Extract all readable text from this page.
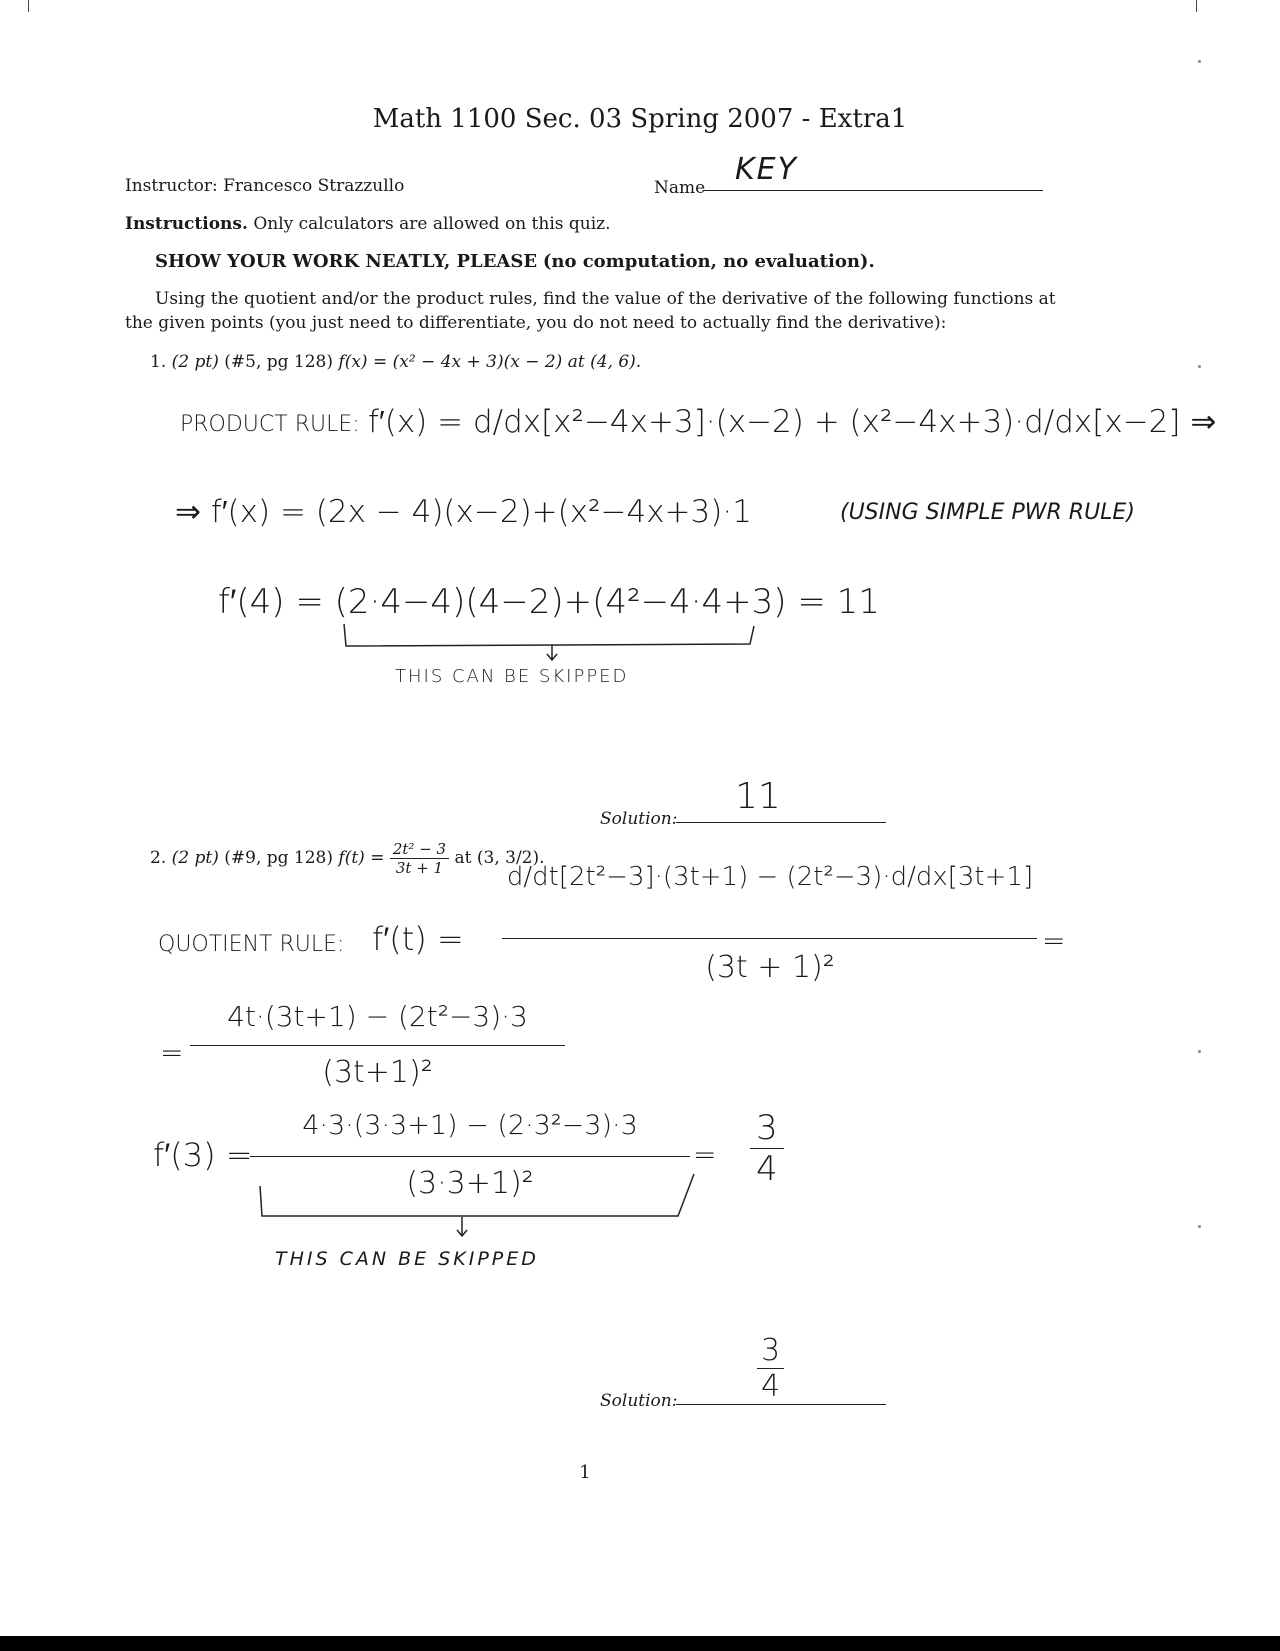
Math 1100 Sec. 03 Spring 2007 - Extra1
Instructor: Francesco Strazzullo	Name
KEY
Instructions. Only calculators are allowed on this quiz.
SHOW YOUR WORK NEATLY, PLEASE (no computation, no evaluation).
Using the quotient and/or the product rules, find the value of the derivative of the following functions at
the given points (you just need to differentiate, you do not need to actually find the derivative):
1. (2 pt) (#5, pg 128) f(x) = (x² − 4x + 3)(x − 2) at (4, 6).
PRODUCT RULE: f′(x) = d/dx[x²−4x+3]·(x−2) + (x²−4x+3)·d/dx[x−2] ⇒
⇒ f′(x) = (2x − 4)(x−2)+(x²−4x+3)·1	(USING SIMPLE PWR RULE)
f′(4) = (2·4−4)(4−2)+(4²−4·4+3) = 11
THIS CAN BE SKIPPED
Solution:
11
2. (2 pt) (#9, pg 128) $f(t) = \frac{\text{2t² − 3}}{3t + 1}$ at (3, 3/2).
QUOTIENT RULE: f′(t) =
d/dt[2t²−3]·(3t+1) − (2t²−3)·d/dx[3t+1]
(3t + 1)²
=
=
4t·(3t+1) − (2t²−3)·3
(3t+1)²
f′(3) =
4·3·(3·3+1) − (2·3²−3)·3
(3·3+1)²
= $\frac{3}{4}$
THIS CAN BE SKIPPED
Solution:	$\frac{3}{4}$
1
